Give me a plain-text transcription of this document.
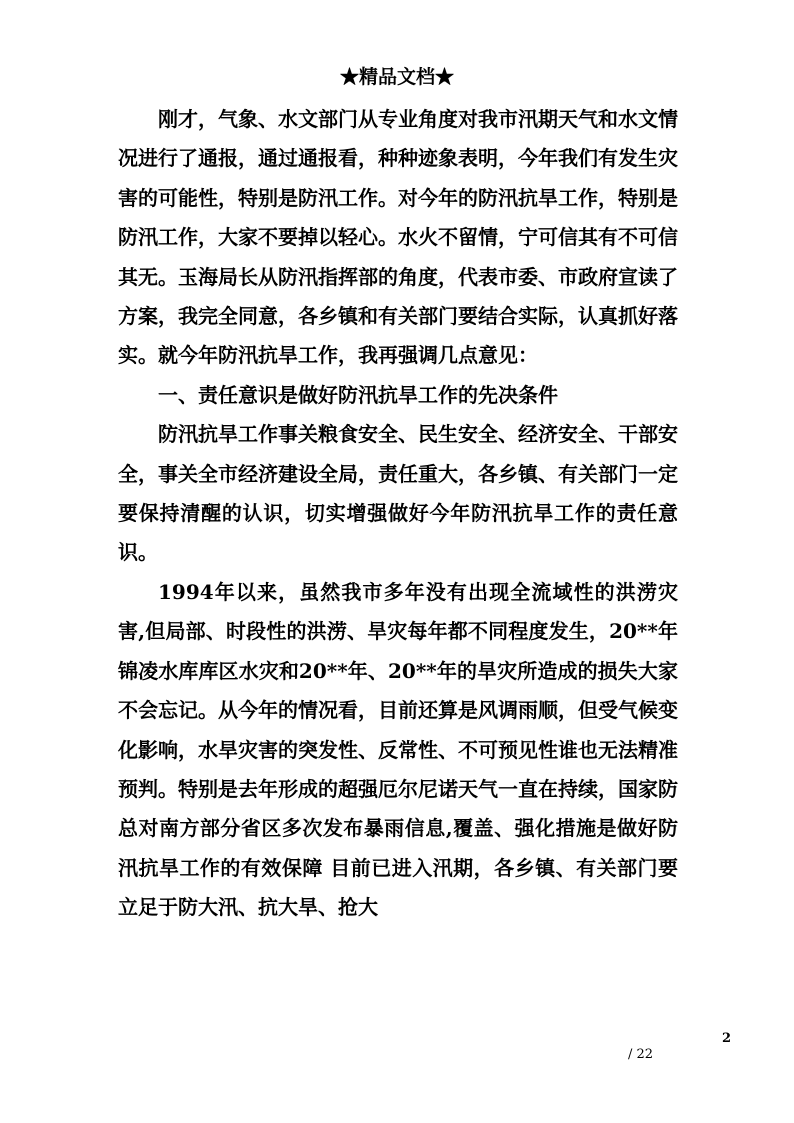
★精品文档★

刚才，气象、水文部门从专业角度对我市汛期天气和水文情况进行了通报，通过通报看，种种迹象表明，今年我们有发生灾害的可能性，特别是防汛工作。对今年的防汛抗旱工作，特别是防汛工作，大家不要掉以轻心。水火不留情，宁可信其有不可信其无。玉海局长从防汛指挥部的角度，代表市委、市政府宣读了方案，我完全同意，各乡镇和有关部门要结合实际，认真抓好落实。就今年防汛抗旱工作，我再强调几点意见：

一、责任意识是做好防汛抗旱工作的先决条件

防汛抗旱工作事关粮食安全、民生安全、经济安全、干部安全，事关全市经济建设全局，责任重大，各乡镇、有关部门一定要保持清醒的认识，切实增强做好今年防汛抗旱工作的责任意识。

1994年以来，虽然我市多年没有出现全流域性的洪涝灾害,但局部、时段性的洪涝、旱灾每年都不同程度发生，20**年锦凌水库库区水灾和20**年、20**年的旱灾所造成的损失大家不会忘记。从今年的情况看，目前还算是风调雨顺，但受气候变化影响，水旱灾害的突发性、反常性、不可预见性谁也无法精准预判。特别是去年形成的超强厄尔尼诺天气一直在持续，国家防总对南方部分省区多次发布暴雨信息,覆盖、强化措施是做好防汛抗旱工作的有效保障 目前已进入汛期，各乡镇、有关部门要立足于防大汛、抗大旱、抢大

2
/ 22
